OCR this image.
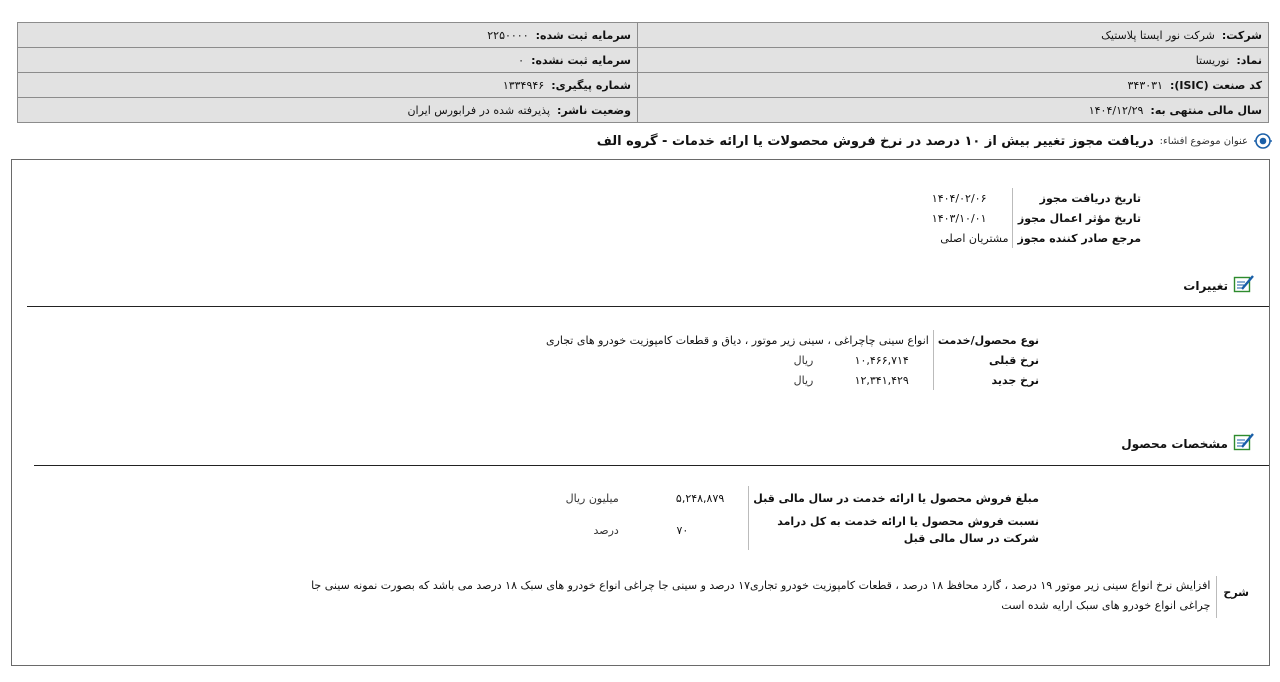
شرکت:  شرکت نور ایستا پلاستیک	سرمایه ثبت شده:  ۲۲۵۰۰۰۰
نماد:  نوریستا	سرمایه ثبت نشده:  ۰
کد صنعت (ISIC):  ۳۴۳۰۳۱	شماره پیگیری:  ۱۳۳۴۹۴۶
سال مالی منتهی به:  ۱۴۰۴/۱۲/۲۹	وضعیت ناشر:  پذیرفته شده در فرابورس ایران
عنوان موضوع افشاء:
دریافت مجوز تغییر بیش از ۱۰ درصد در نرخ فروش محصولات یا ارائه خدمات - گروه الف
تاریخ دریافت مجوز	۱۴۰۴/۰۲/۰۶
تاریخ مؤثر اعمال مجوز	۱۴۰۳/۱۰/۰۱
مرجع صادر کننده مجوز	مشتریان اصلی
تغییرات
نوع محصول/خدمت	انواع سینی چاچراغی ، سینی زیر موتور ، دیاق و قطعات کامپوزیت خودرو های تجاری	
نرخ قبلی	۱۰,۴۶۶,۷۱۴	ریال
نرخ جدید	۱۲,۳۴۱,۴۲۹	ریال
مشخصات محصول
مبلغ فروش محصول یا ارائه خدمت در سال مالی قبل	۵,۲۴۸,۸۷۹	میلیون ریال

نسبت فروش محصول یا ارائه خدمت به کل درامد
شرکت در سال مالی قبل	۷۰	درصد
شرح
افزایش نرخ انواع سینی زیر موتور ۱۹ درصد ، گارد محافظ ۱۸ درصد ، قطعات کامپوزیت خودرو تجاری۱۷ درصد و سینی جا چراغی انواع خودرو های سبک ۱۸ درصد می باشد که بصورت نمونه سینی جا چراغی انواع خودرو های سبک ارایه شده است
